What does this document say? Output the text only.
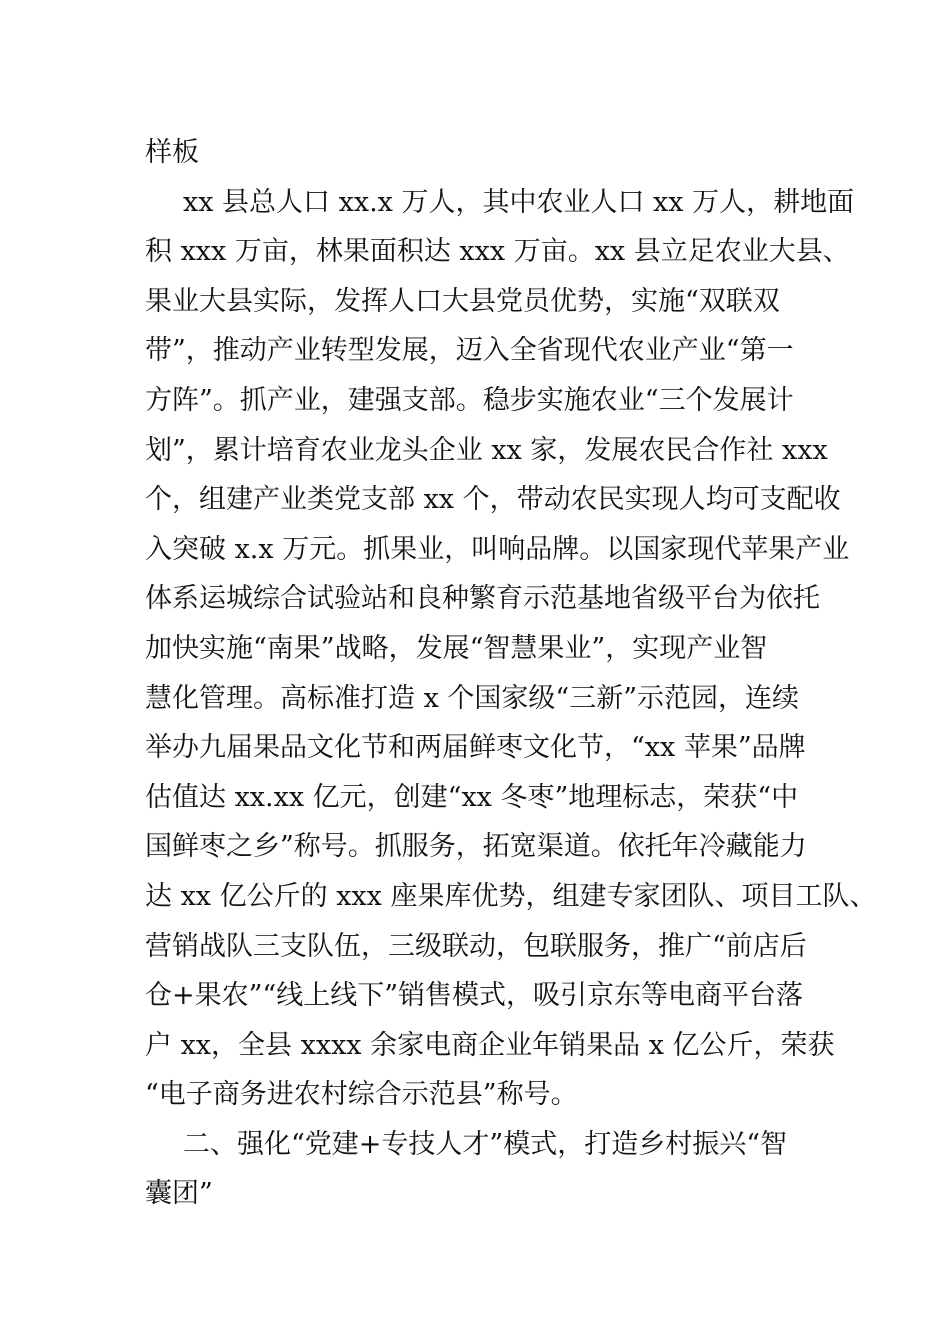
样板
xx 县总人口 xx.x 万人，其中农业人口 xx 万人，耕地面
积 xxx 万亩，林果面积达 xxx 万亩。xx 县立足农业大县、
果业大县实际，发挥人口大县党员优势，实施“双联双
带”，推动产业转型发展，迈入全省现代农业产业“第一
方阵”。抓产业，建强支部。稳步实施农业“三个发展计
划”，累计培育农业龙头企业 xx 家，发展农民合作社 xxx
个，组建产业类党支部 xx 个，带动农民实现人均可支配收
入突破 x.x 万元。抓果业，叫响品牌。以国家现代苹果产业
体系运城综合试验站和良种繁育示范基地省级平台为依托
加快实施“南果”战略，发展“智慧果业”，实现产业智
慧化管理。高标准打造 x 个国家级“三新”示范园，连续
举办九届果品文化节和两届鲜枣文化节，“xx 苹果”品牌
估值达 xx.xx 亿元，创建“xx 冬枣”地理标志，荣获“中
国鲜枣之乡”称号。抓服务，拓宽渠道。依托年冷藏能力
达 xx 亿公斤的 xxx 座果库优势，组建专家团队、项目工队、
营销战队三支队伍，三级联动，包联服务，推广“前店后
仓+果农”“线上线下”销售模式，吸引京东等电商平台落
户 xx，全县 xxxx 余家电商企业年销果品 x 亿公斤，荣获
“电子商务进农村综合示范县”称号。
二、强化“党建+专技人才”模式，打造乡村振兴“智
囊团”
